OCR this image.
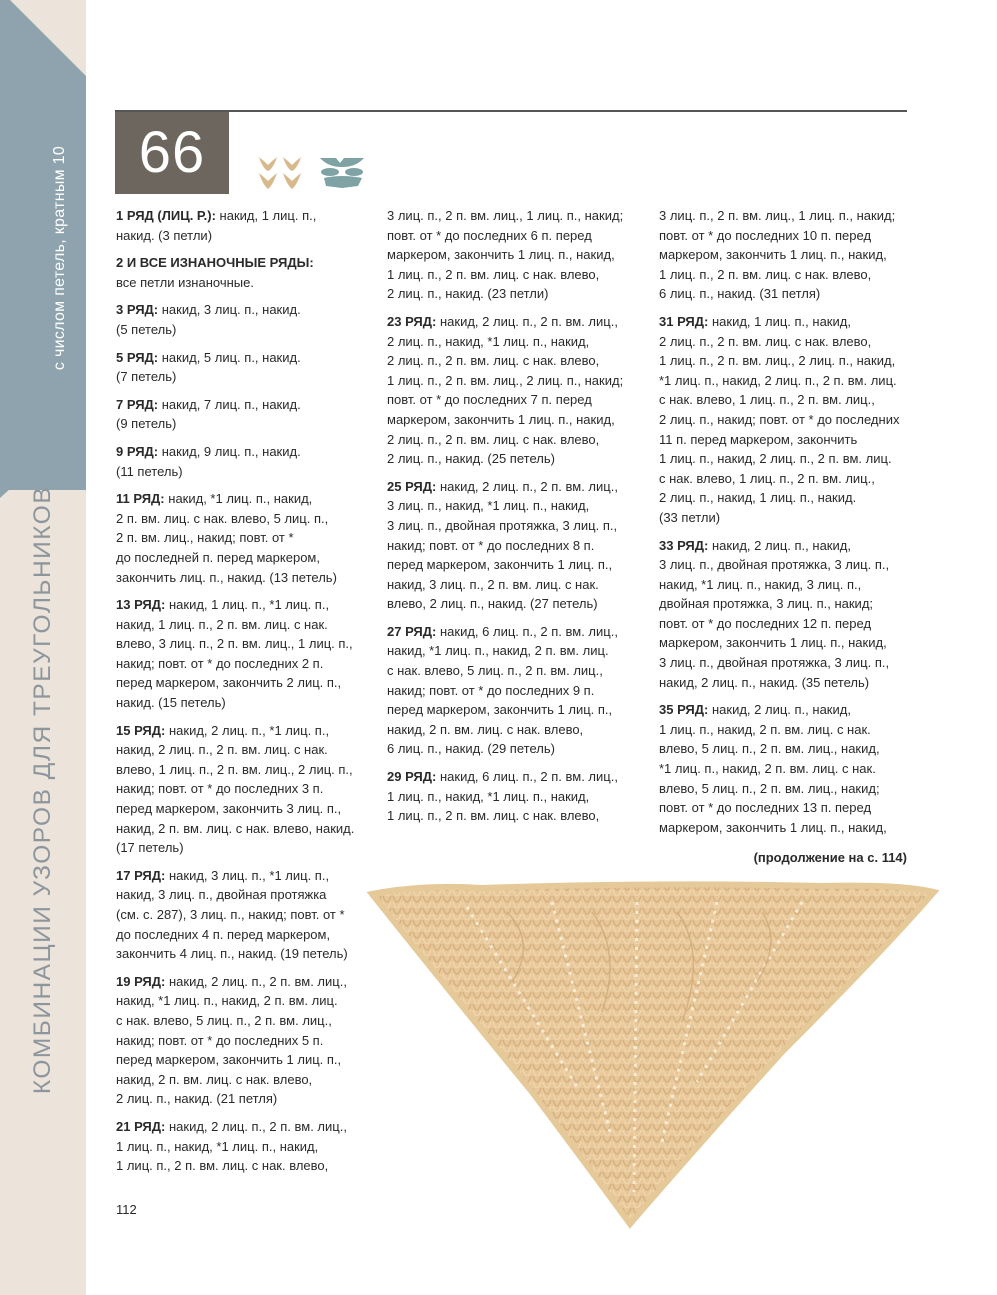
с числом петель, кратным 10
КОМБИНАЦИИ УЗОРОВ ДЛЯ ТРЕУГОЛЬНИКОВ
66
1 РЯД (ЛИЦ. Р.): накид, 1 лиц. п.,
накид. (3 петли)
2 И ВСЕ ИЗНАНОЧНЫЕ РЯДЫ:
все петли изнаночные.
3 РЯД: накид, 3 лиц. п., накид.
(5 петель)
5 РЯД: накид, 5 лиц. п., накид.
(7 петель)
7 РЯД: накид, 7 лиц. п., накид.
(9 петель)
9 РЯД: накид, 9 лиц. п., накид.
(11 петель)
11 РЯД: накид, *1 лиц. п., накид,
2 п. вм. лиц. с нак. влево, 5 лиц. п.,
2 п. вм. лиц., накид; повт. от *
до последней п. перед маркером,
закончить лиц. п., накид. (13 петель)
13 РЯД: накид, 1 лиц. п., *1 лиц. п.,
накид, 1 лиц. п., 2 п. вм. лиц. с нак.
влево, 3 лиц. п., 2 п. вм. лиц., 1 лиц. п.,
накид; повт. от * до последних 2 п.
перед маркером, закончить 2 лиц. п.,
накид. (15 петель)
15 РЯД: накид, 2 лиц. п., *1 лиц. п.,
накид, 2 лиц. п., 2 п. вм. лиц. с нак.
влево, 1 лиц. п., 2 п. вм. лиц., 2 лиц. п.,
накид; повт. от * до последних 3 п.
перед маркером, закончить 3 лиц. п.,
накид, 2 п. вм. лиц. с нак. влево, накид.
(17 петель)
17 РЯД: накид, 3 лиц. п., *1 лиц. п.,
накид, 3 лиц. п., двойная протяжка
(см. с. 287), 3 лиц. п., накид; повт. от *
до последних 4 п. перед маркером,
закончить 4 лиц. п., накид. (19 петель)
19 РЯД: накид, 2 лиц. п., 2 п. вм. лиц.,
накид, *1 лиц. п., накид, 2 п. вм. лиц.
с нак. влево, 5 лиц. п., 2 п. вм. лиц.,
накид; повт. от * до последних 5 п.
перед маркером, закончить 1 лиц. п.,
накид, 2 п. вм. лиц. с нак. влево,
2 лиц. п., накид. (21 петля)
21 РЯД: накид, 2 лиц. п., 2 п. вм. лиц.,
1 лиц. п., накид, *1 лиц. п., накид,
1 лиц. п., 2 п. вм. лиц. с нак. влево,
3 лиц. п., 2 п. вм. лиц., 1 лиц. п., накид;
повт. от * до последних 6 п. перед
маркером, закончить 1 лиц. п., накид,
1 лиц. п., 2 п. вм. лиц. с нак. влево,
2 лиц. п., накид. (23 петли)
23 РЯД: накид, 2 лиц. п., 2 п. вм. лиц.,
2 лиц. п., накид, *1 лиц. п., накид,
2 лиц. п., 2 п. вм. лиц. с нак. влево,
1 лиц. п., 2 п. вм. лиц., 2 лиц. п., накид;
повт. от * до последних 7 п. перед
маркером, закончить 1 лиц. п., накид,
2 лиц. п., 2 п. вм. лиц. с нак. влево,
2 лиц. п., накид. (25 петель)
25 РЯД: накид, 2 лиц. п., 2 п. вм. лиц.,
3 лиц. п., накид, *1 лиц. п., накид,
3 лиц. п., двойная протяжка, 3 лиц. п.,
накид; повт. от * до последних 8 п.
перед маркером, закончить 1 лиц. п.,
накид, 3 лиц. п., 2 п. вм. лиц. с нак.
влево, 2 лиц. п., накид. (27 петель)
27 РЯД: накид, 6 лиц. п., 2 п. вм. лиц.,
накид, *1 лиц. п., накид, 2 п. вм. лиц.
с нак. влево, 5 лиц. п., 2 п. вм. лиц.,
накид; повт. от * до последних 9 п.
перед маркером, закончить 1 лиц. п.,
накид, 2 п. вм. лиц. с нак. влево,
6 лиц. п., накид. (29 петель)
29 РЯД: накид, 6 лиц. п., 2 п. вм. лиц.,
1 лиц. п., накид, *1 лиц. п., накид,
1 лиц. п., 2 п. вм. лиц. с нак. влево,
3 лиц. п., 2 п. вм. лиц., 1 лиц. п., накид;
повт. от * до последних 10 п. перед
маркером, закончить 1 лиц. п., накид,
1 лиц. п., 2 п. вм. лиц. с нак. влево,
6 лиц. п., накид. (31 петля)
31 РЯД: накид, 1 лиц. п., накид,
2 лиц. п., 2 п. вм. лиц. с нак. влево,
1 лиц. п., 2 п. вм. лиц., 2 лиц. п., накид,
*1 лиц. п., накид, 2 лиц. п., 2 п. вм. лиц.
с нак. влево, 1 лиц. п., 2 п. вм. лиц.,
2 лиц. п., накид; повт. от * до последних
11 п. перед маркером, закончить
1 лиц. п., накид, 2 лиц. п., 2 п. вм. лиц.
с нак. влево, 1 лиц. п., 2 п. вм. лиц.,
2 лиц. п., накид, 1 лиц. п., накид.
(33 петли)
33 РЯД: накид, 2 лиц. п., накид,
3 лиц. п., двойная протяжка, 3 лиц. п.,
накид, *1 лиц. п., накид, 3 лиц. п.,
двойная протяжка, 3 лиц. п., накид;
повт. от * до последних 12 п. перед
маркером, закончить 1 лиц. п., накид,
3 лиц. п., двойная протяжка, 3 лиц. п.,
накид, 2 лиц. п., накид. (35 петель)
35 РЯД: накид, 2 лиц. п., накид,
1 лиц. п., накид, 2 п. вм. лиц. с нак.
влево, 5 лиц. п., 2 п. вм. лиц., накид,
*1 лиц. п., накид, 2 п. вм. лиц. с нак.
влево, 5 лиц. п., 2 п. вм. лиц., накид;
повт. от * до последних 13 п. перед
маркером, закончить 1 лиц. п., накид,
(продолжение на с. 114)
112
